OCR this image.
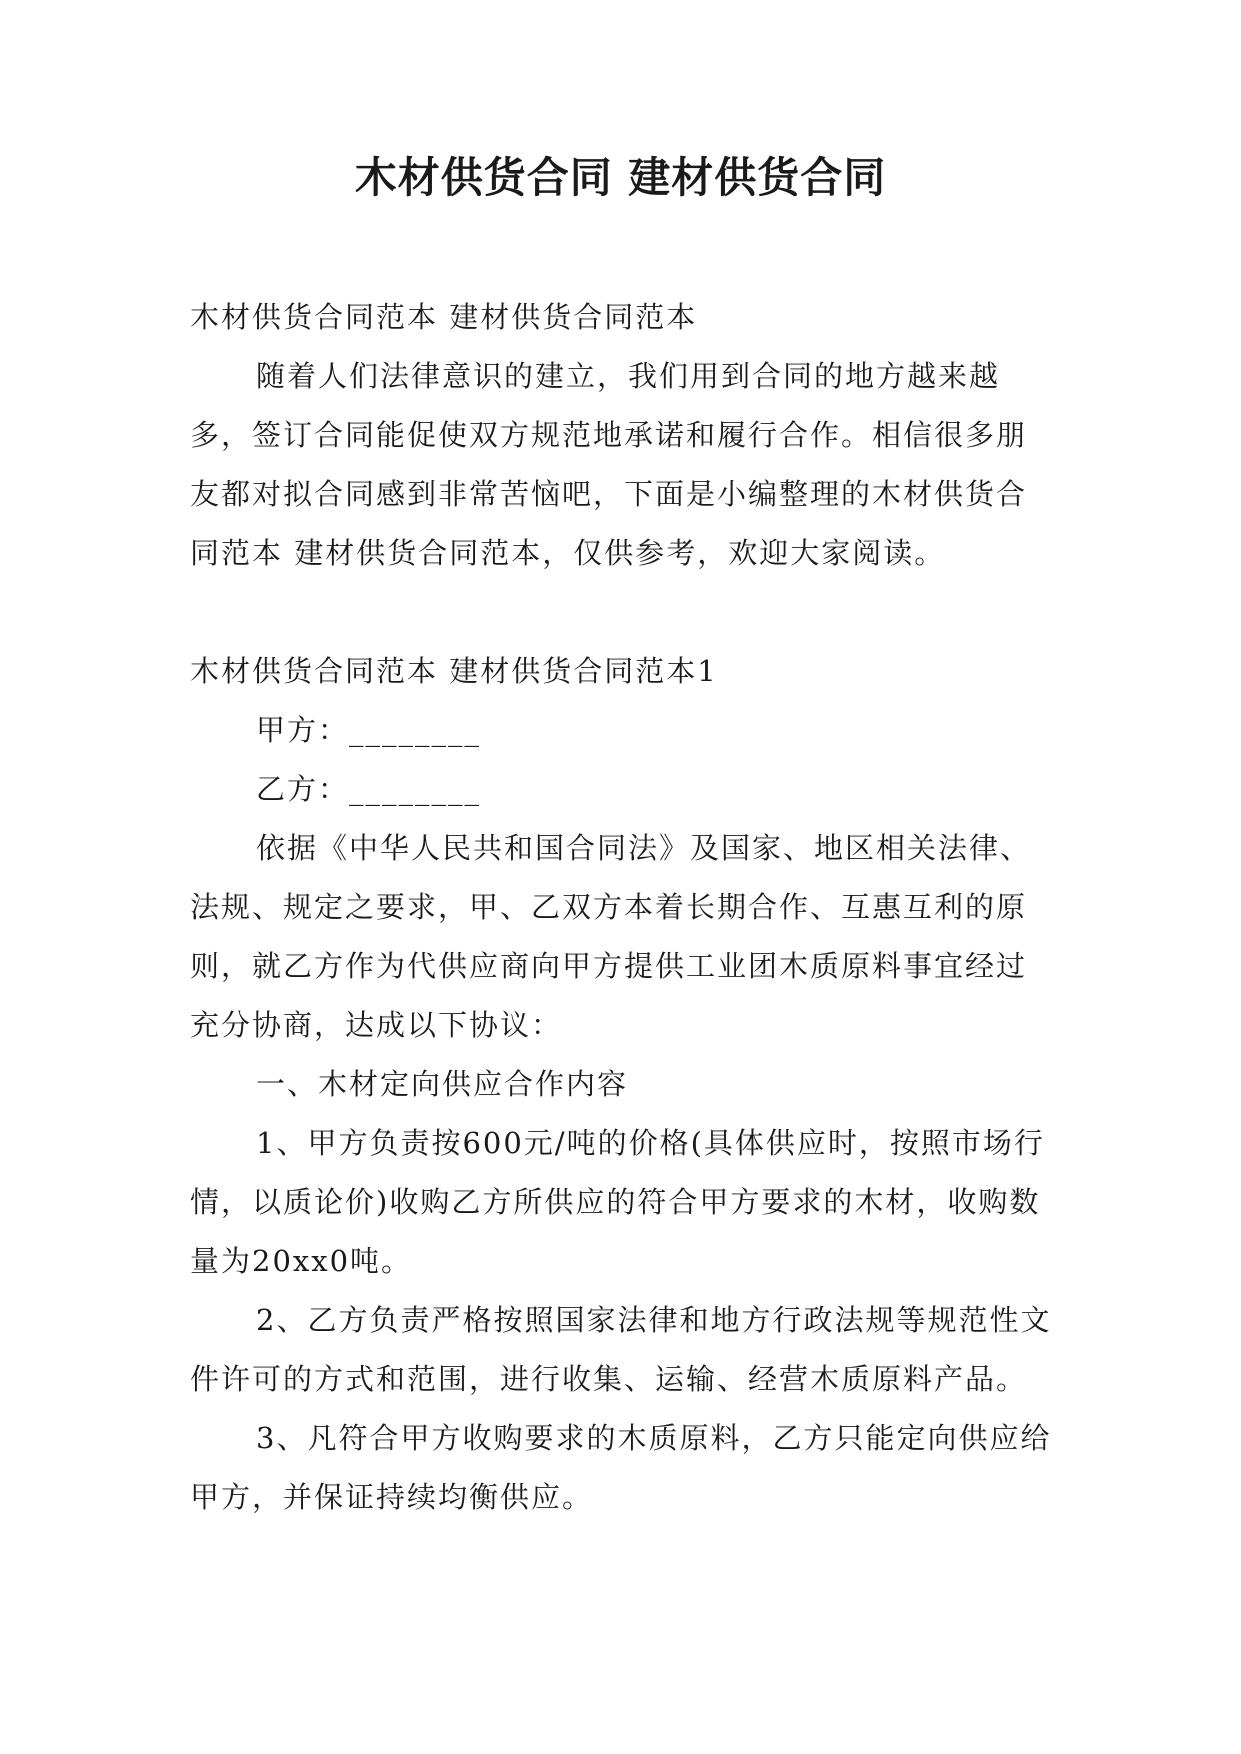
木材供货合同 建材供货合同

木材供货合同范本 建材供货合同范本

随着人们法律意识的建立，我们用到合同的地方越来越多，签订合同能促使双方规范地承诺和履行合作。相信很多朋友都对拟合同感到非常苦恼吧，下面是小编整理的木材供货合同范本 建材供货合同范本，仅供参考，欢迎大家阅读。

木材供货合同范本 建材供货合同范本1

甲方：________

乙方：________

依据《中华人民共和国合同法》及国家、地区相关法律、法规、规定之要求，甲、乙双方本着长期合作、互惠互利的原则，就乙方作为代供应商向甲方提供工业团木质原料事宜经过充分协商，达成以下协议：

一、木材定向供应合作内容

1、甲方负责按600元/吨的价格(具体供应时，按照市场行情，以质论价)收购乙方所供应的符合甲方要求的木材，收购数量为20xx0吨。

2、乙方负责严格按照国家法律和地方行政法规等规范性文件许可的方式和范围，进行收集、运输、经营木质原料产品。

3、凡符合甲方收购要求的木质原料，乙方只能定向供应给甲方，并保证持续均衡供应。
